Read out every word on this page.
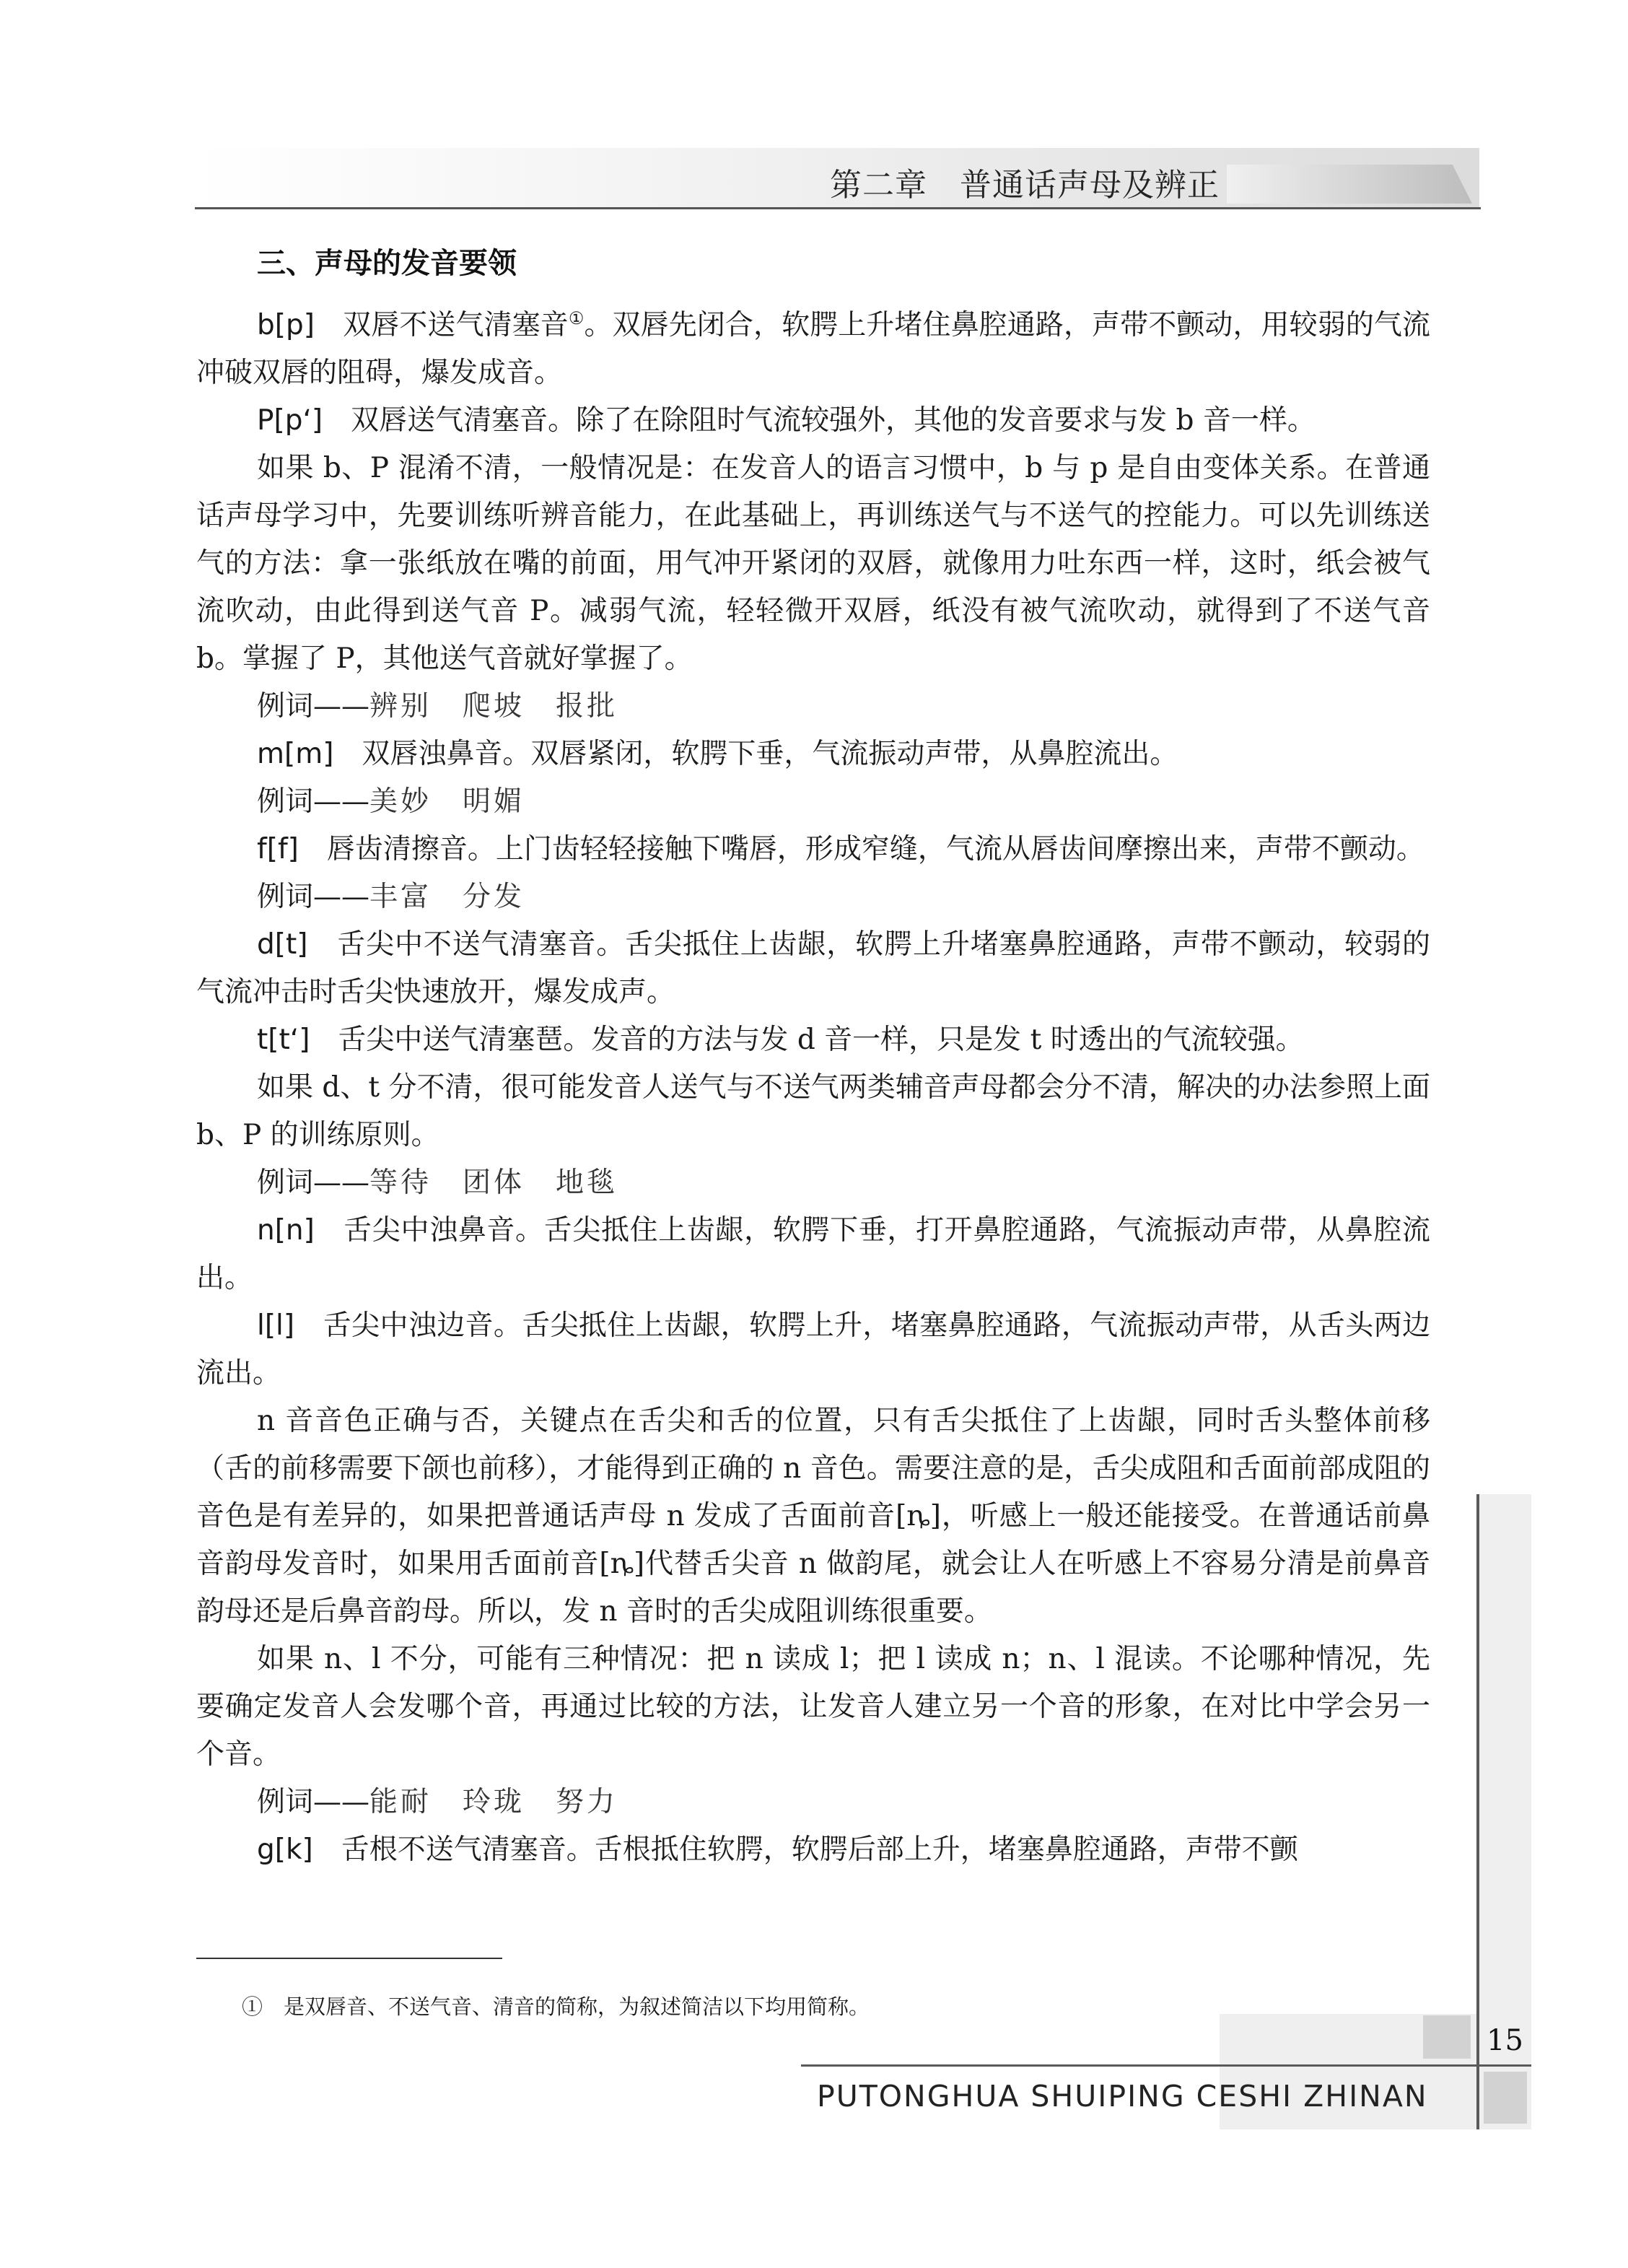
第二章　普通话声母及辨正
三、声母的发音要领

b[p]　双唇不送气清塞音①。双唇先闭合，软腭上升堵住鼻腔通路，声带不颤动，用较弱的气流冲破双唇的阻碍，爆发成音。

P[p‘]　双唇送气清塞音。除了在除阻时气流较强外，其他的发音要求与发 b 音一样。

如果 b、P 混淆不清，一般情况是：在发音人的语言习惯中，b 与 p 是自由变体关系。在普通话声母学习中，先要训练听辨音能力，在此基础上，再训练送气与不送气的控能力。可以先训练送气的方法：拿一张纸放在嘴的前面，用气冲开紧闭的双唇，就像用力吐东西一样，这时，纸会被气流吹动，由此得到送气音 P。减弱气流，轻轻微开双唇，纸没有被气流吹动，就得到了不送气音 b。掌握了 P，其他送气音就好掌握了。

例词——辨别　爬坡　报批

m[m]　双唇浊鼻音。双唇紧闭，软腭下垂，气流振动声带，从鼻腔流出。

例词——美妙　明媚

f[f]　唇齿清擦音。上门齿轻轻接触下嘴唇，形成窄缝，气流从唇齿间摩擦出来，声带不颤动。

例词——丰富　分发

d[t]　舌尖中不送气清塞音。舌尖抵住上齿龈，软腭上升堵塞鼻腔通路，声带不颤动，较弱的气流冲击时舌尖快速放开，爆发成声。

t[t‘]　舌尖中送气清塞琶。发音的方法与发 d 音一样，只是发 t 时透出的气流较强。

如果 d、t 分不清，很可能发音人送气与不送气两类辅音声母都会分不清，解决的办法参照上面 b、P 的训练原则。

例词——等待　团体　地毯

n[n]　舌尖中浊鼻音。舌尖抵住上齿龈，软腭下垂，打开鼻腔通路，气流振动声带，从鼻腔流出。

l[l]　舌尖中浊边音。舌尖抵住上齿龈，软腭上升，堵塞鼻腔通路，气流振动声带，从舌头两边流出。

n 音音色正确与否，关键点在舌尖和舌的位置，只有舌尖抵住了上齿龈，同时舌头整体前移（舌的前移需要下颌也前移），才能得到正确的 n 音色。需要注意的是，舌尖成阻和舌面前部成阻的音色是有差异的，如果把普通话声母 n 发成了舌面前音[ȵ]，听感上一般还能接受。在普通话前鼻音韵母发音时，如果用舌面前音[ȵ]代替舌尖音 n 做韵尾，就会让人在听感上不容易分清是前鼻音韵母还是后鼻音韵母。所以，发 n 音时的舌尖成阻训练很重要。

如果 n、l 不分，可能有三种情况：把 n 读成 l；把 l 读成 n；n、l 混读。不论哪种情况，先要确定发音人会发哪个音，再通过比较的方法，让发音人建立另一个音的形象，在对比中学会另一个音。

例词——能耐　玲珑　努力

g[k]　舌根不送气清塞音。舌根抵住软腭，软腭后部上升，堵塞鼻腔通路，声带不颤

①　是双唇音、不送气音、清音的简称，为叙述简洁以下均用简称。
15
PUTONGHUA SHUIPING CESHI ZHINAN
